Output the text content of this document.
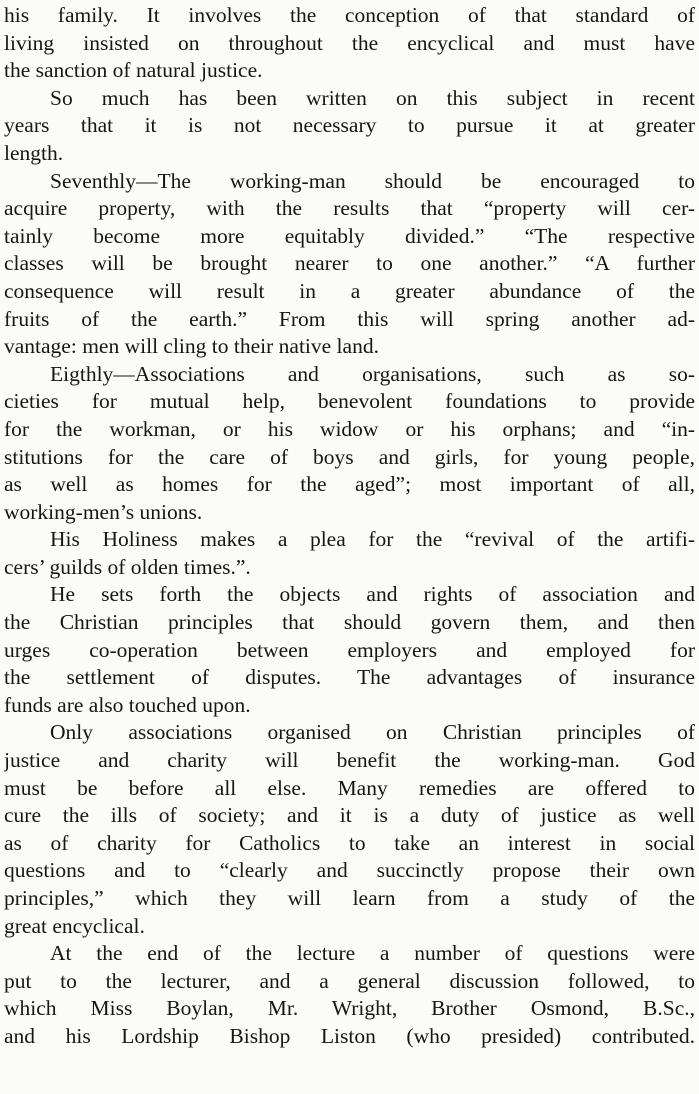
his family. It involves the conception of that standard of
living insisted on throughout the encyclical and must have
the sanction of natural justice.
So much has been written on this subject in recent
years that it is not necessary to pursue it at greater
length.
Seventhly—The working-man should be encouraged to
acquire property, with the results that “property will cer-
tainly become more equitably divided.” “The respective
classes will be brought nearer to one another.” “A further
consequence will result in a greater abundance of the
fruits of the earth.” From this will spring another ad-
vantage: men will cling to their native land.
Eigthly—Associations and organisations, such as so-
cieties for mutual help, benevolent foundations to provide
for the workman, or his widow or his orphans; and “in-
stitutions for the care of boys and girls, for young people,
as well as homes for the aged”; most important of all,
working-men’s unions.
His Holiness makes a plea for the “revival of the artifi-
cers’ guilds of olden times.”.
He sets forth the objects and rights of association and
the Christian principles that should govern them, and then
urges co-operation between employers and employed for
the settlement of disputes. The advantages of insurance
funds are also touched upon.
Only associations organised on Christian principles of
justice and charity will benefit the working-man. God
must be before all else. Many remedies are offered to
cure the ills of society; and it is a duty of justice as well
as of charity for Catholics to take an interest in social
questions and to “clearly and succinctly propose their own
principles,” which they will learn from a study of the
great encyclical.
At the end of the lecture a number of questions were
put to the lecturer, and a general discussion followed, to
which Miss Boylan, Mr. Wright, Brother Osmond, B.Sc.,
and his Lordship Bishop Liston (who presided) contributed.
